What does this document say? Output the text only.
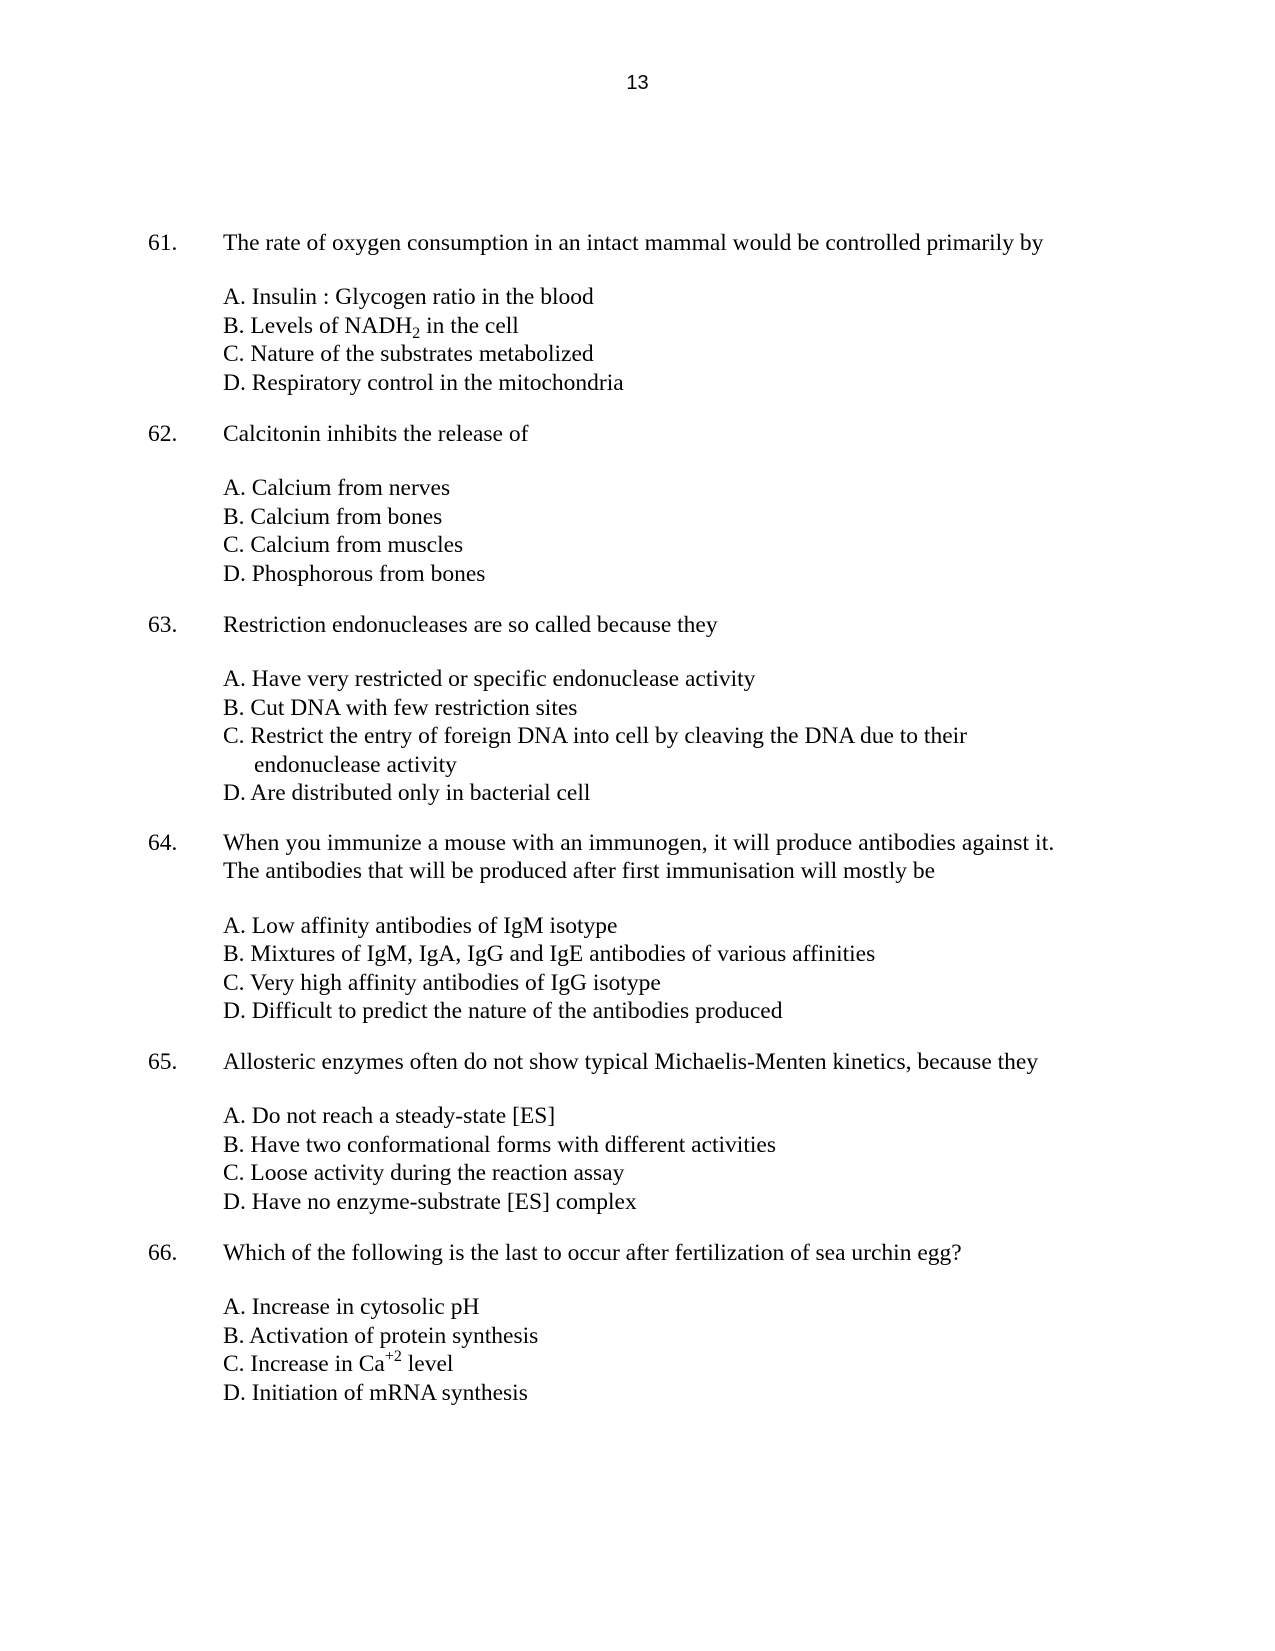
13
61. The rate of oxygen consumption in an intact mammal would be controlled primarily by
A. Insulin : Glycogen ratio in the blood
B. Levels of $NADH_2$ in the cell
C. Nature of the substrates metabolized
D. Respiratory control in the mitochondria
62. Calcitonin inhibits the release of
A. Calcium from nerves
B. Calcium from bones
C. Calcium from muscles
D. Phosphorous from bones
63. Restriction endonucleases are so called because they
A. Have very restricted or specific endonuclease activity
B. Cut DNA with few restriction sites
C. Restrict the entry of foreign DNA into cell by cleaving the DNA due to their
endonuclease activity
D. Are distributed only in bacterial cell
64. When you immunize a mouse with an immunogen, it will produce antibodies against it.
The antibodies that will be produced after first immunisation will mostly be
A. Low affinity antibodies of IgM isotype
B. Mixtures of IgM, IgA, IgG and IgE antibodies of various affinities
C. Very high affinity antibodies of IgG isotype
D. Difficult to predict the nature of the antibodies produced
65. Allosteric enzymes often do not show typical Michaelis-Menten kinetics, because they
A. Do not reach a steady-state [ES]
B. Have two conformational forms with different activities
C. Loose activity during the reaction assay
D. Have no enzyme-substrate [ES] complex
66. Which of the following is the last to occur after fertilization of sea urchin egg?
A. Increase in cytosolic pH
B. Activation of protein synthesis
C. Increase in $Ca^{+2}$ level
D. Initiation of mRNA synthesis
